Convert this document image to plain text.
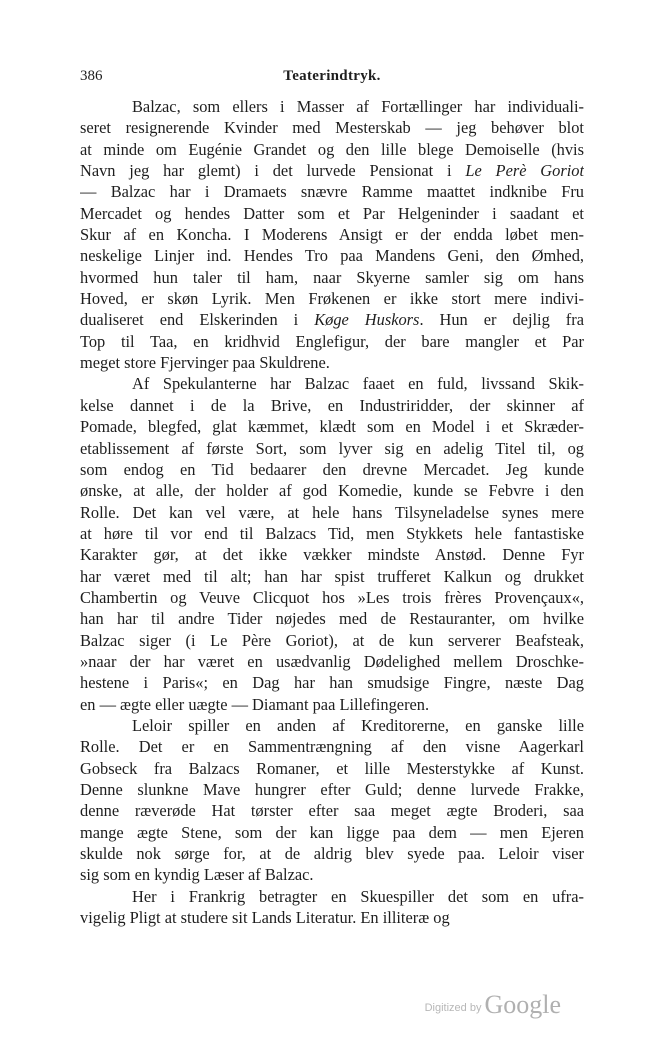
386	Teaterindtryk.
Balzac, som ellers i Masser af Fortællinger har individuali-
seret resignerende Kvinder med Mesterskab — jeg behøver blot
at minde om Eugénie Grandet og den lille blege Demoiselle (hvis
Navn jeg har glemt) i det lurvede Pensionat i Le Perè Goriot
— Balzac har i Dramaets snævre Ramme maattet indknibe Fru
Mercadet og hendes Datter som et Par Helgeninder i saadant et
Skur af en Koncha. I Moderens Ansigt er der endda løbet men-
neskelige Linjer ind. Hendes Tro paa Mandens Geni, den Ømhed,
hvormed hun taler til ham, naar Skyerne samler sig om hans
Hoved, er skøn Lyrik. Men Frøkenen er ikke stort mere indivi-
dualiseret end Elskerinden i Køge Huskors. Hun er dejlig fra
Top til Taa, en kridhvid Englefigur, der bare mangler et Par
meget store Fjervinger paa Skuldrene.
Af Spekulanterne har Balzac faaet en fuld, livssand Skik-
kelse dannet i de la Brive, en Industriridder, der skinner af
Pomade, blegfed, glat kæmmet, klædt som en Model i et Skræder-
etablissement af første Sort, som lyver sig en adelig Titel til, og
som endog en Tid bedaarer den drevne Mercadet. Jeg kunde
ønske, at alle, der holder af god Komedie, kunde se Febvre i den
Rolle. Det kan vel være, at hele hans Tilsyneladelse synes mere
at høre til vor end til Balzacs Tid, men Stykkets hele fantastiske
Karakter gør, at det ikke vækker mindste Anstød. Denne Fyr
har været med til alt; han har spist trufferet Kalkun og drukket
Chambertin og Veuve Clicquot hos »Les trois frères Provençaux«,
han har til andre Tider nøjedes med de Restauranter, om hvilke
Balzac siger (i Le Père Goriot), at de kun serverer Beafsteak,
»naar der har været en usædvanlig Dødelighed mellem Droschke-
hestene i Paris«; en Dag har han smudsige Fingre, næste Dag
en — ægte eller uægte — Diamant paa Lillefingeren.
Leloir spiller en anden af Kreditorerne, en ganske lille
Rolle. Det er en Sammentrængning af den visne Aagerkarl
Gobseck fra Balzacs Romaner, et lille Mesterstykke af Kunst.
Denne slunkne Mave hungrer efter Guld; denne lurvede Frakke,
denne ræverøde Hat tørster efter saa meget ægte Broderi, saa
mange ægte Stene, som der kan ligge paa dem — men Ejeren
skulde nok sørge for, at de aldrig blev syede paa. Leloir viser
sig som en kyndig Læser af Balzac.
Her i Frankrig betragter en Skuespiller det som en ufra-
vigelig Pligt at studere sit Lands Literatur. En illiteræ og
Digitized by Google
